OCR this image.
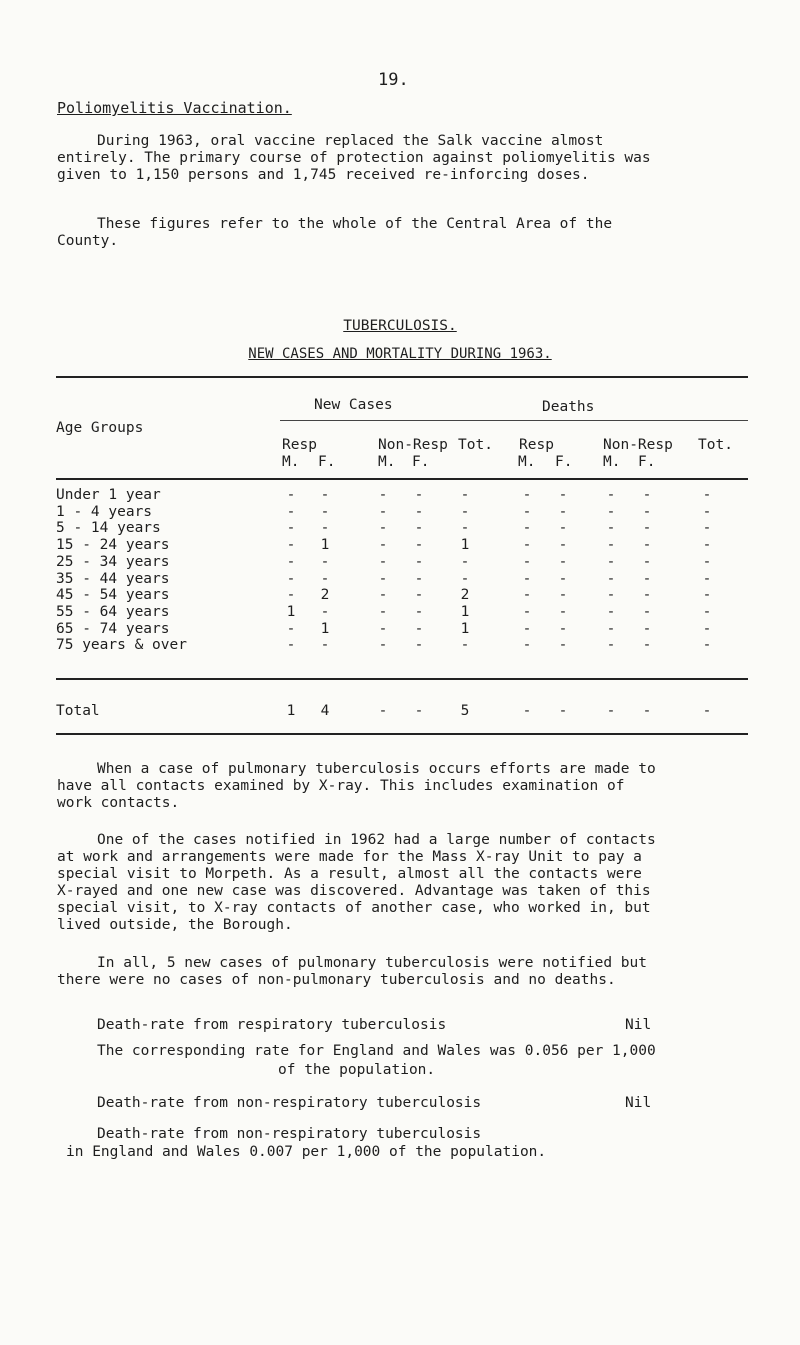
19.
Poliomyelitis Vaccination.

During 1963, oral vaccine replaced the Salk vaccine almost

entirely. The primary course of protection against poliomyelitis was

given to 1,150 persons and 1,745 received re-inforcing doses.

These figures refer to the whole of the Central Area of the

County.

TUBERCULOSIS.
NEW CASES AND MORTALITY DURING 1963.
Age Groups
New Cases	Deaths
Resp	Non-Resp Tot. Resp	Non-Resp Tot.
M. F.	M. F.	M. F. M. F.
Under 1 year	-	-	-	-	-	-	-	-	-	-
1 - 4 years	-	-	-	-	-	-	-	-	-	-
5 - 14 years	-	-	-	-	-	-	-	-	-	-
15 - 24 years	-	1	-	-	1	-	-	-	-	-
25 - 34 years	-	-	-	-	-	-	-	-	-	-
35 - 44 years	-	-	-	-	-	-	-	-	-	-
45 - 54 years	-	2	-	-	2	-	-	-	-	-
55 - 64 years	1	-	-	-	1	-	-	-	-	-
65 - 74 years	-	1	-	-	1	-	-	-	-	-
75 years & over	-	-	-	-	-	-	-	-	-	-
Total	1	4	-	-	5	-	-	-	-	-

When a case of pulmonary tuberculosis occurs efforts are made to

have all contacts examined by X-ray. This includes examination of

work contacts.

One of the cases notified in 1962 had a large number of contacts

at work and arrangements were made for the Mass X-ray Unit to pay a

special visit to Morpeth. As a result, almost all the contacts were

X-rayed and one new case was discovered. Advantage was taken of this

special visit, to X-ray contacts of another case, who worked in, but

lived outside, the Borough.

In all, 5 new cases of pulmonary tuberculosis were notified but

there were no cases of non-pulmonary tuberculosis and no deaths.

Death-rate from respiratory tuberculosis	Nil
The corresponding rate for England and Wales was 0.056 per 1,000
of the population.
Death-rate from non-respiratory tuberculosis	Nil
Death-rate from non-respiratory tuberculosis
in England and Wales 0.007 per 1,000 of the population.
